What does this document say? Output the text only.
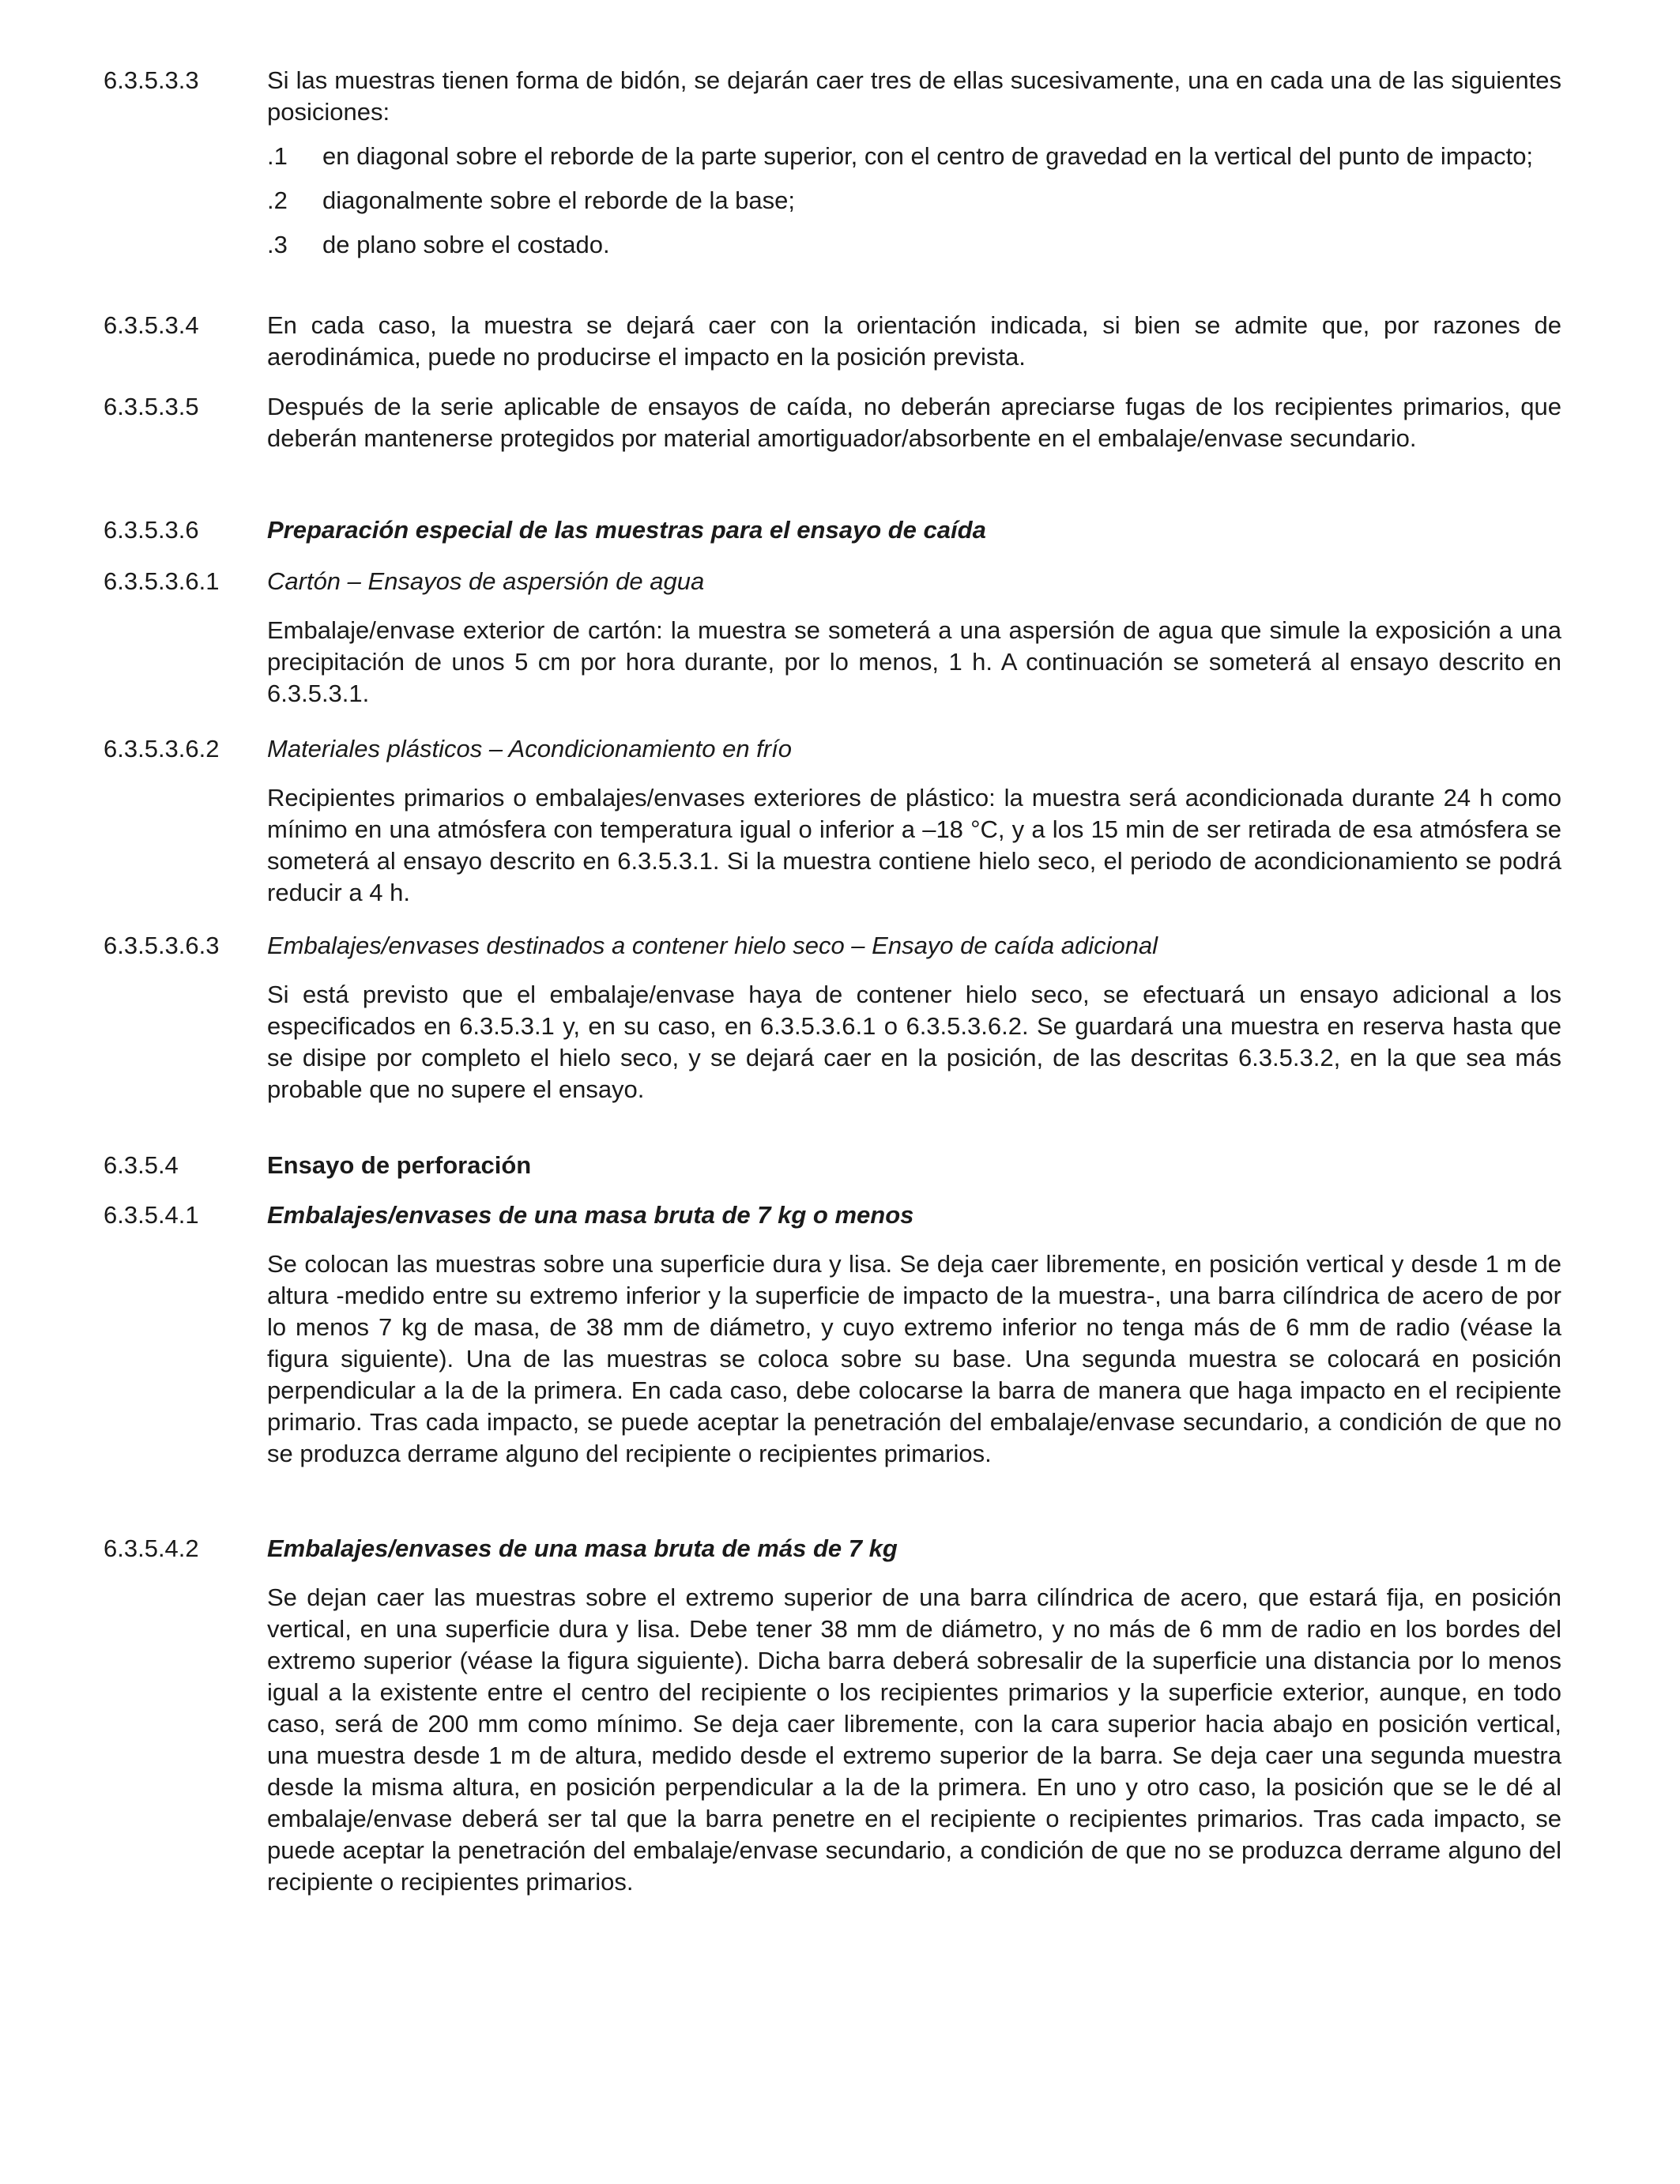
6.3.5.3.3	Si las muestras tienen forma de bidón, se dejarán caer tres de ellas sucesivamente, una en cada una de las siguientes posiciones:
.1 en diagonal sobre el reborde de la parte superior, con el centro de gravedad en la vertical del punto de impacto;
.2 diagonalmente sobre el reborde de la base;
.3 de plano sobre el costado.
6.3.5.3.4	En cada caso, la muestra se dejará caer con la orientación indicada, si bien se admite que, por razones de aerodinámica, puede no producirse el impacto en la posición prevista.
6.3.5.3.5	Después de la serie aplicable de ensayos de caída, no deberán apreciarse fugas de los recipientes primarios, que deberán mantenerse protegidos por material amortiguador/absorbente en el embalaje/envase secundario.
6.3.5.3.6	Preparación especial de las muestras para el ensayo de caída
6.3.5.3.6.1 Cartón – Ensayos de aspersión de agua
Embalaje/envase exterior de cartón: la muestra se someterá a una aspersión de agua que simule la exposición a una precipitación de unos 5 cm por hora durante, por lo menos, 1 h. A continuación se someterá al ensayo descrito en 6.3.5.3.1.
6.3.5.3.6.2 Materiales plásticos – Acondicionamiento en frío
Recipientes primarios o embalajes/envases exteriores de plástico: la muestra será acondicionada durante 24 h como mínimo en una atmósfera con temperatura igual o inferior a –18 °C, y a los 15 min de ser retirada de esa atmósfera se someterá al ensayo descrito en 6.3.5.3.1. Si la muestra contiene hielo seco, el periodo de acondicionamiento se podrá reducir a 4 h.
6.3.5.3.6.3 Embalajes/envases destinados a contener hielo seco – Ensayo de caída adicional
Si está previsto que el embalaje/envase haya de contener hielo seco, se efectuará un ensayo adicional a los especificados en 6.3.5.3.1 y, en su caso, en 6.3.5.3.6.1 o 6.3.5.3.6.2. Se guardará una muestra en reserva hasta que se disipe por completo el hielo seco, y se dejará caer en la posición, de las descritas 6.3.5.3.2, en la que sea más probable que no supere el ensayo.
6.3.5.4	Ensayo de perforación
6.3.5.4.1	Embalajes/envases de una masa bruta de 7 kg o menos
Se colocan las muestras sobre una superficie dura y lisa. Se deja caer libremente, en posición vertical y desde 1 m de altura -medido entre su extremo inferior y la superficie de impacto de la muestra-, una barra cilíndrica de acero de por lo menos 7 kg de masa, de 38 mm de diámetro, y cuyo extremo inferior no tenga más de 6 mm de radio (véase la figura siguiente). Una de las muestras se coloca sobre su base. Una segunda muestra se colocará en posición perpendicular a la de la primera. En cada caso, debe colocarse la barra de manera que haga impacto en el recipiente primario. Tras cada impacto, se puede aceptar la penetración del embalaje/envase secundario, a condición de que no se produzca derrame alguno del recipiente o recipientes primarios.
6.3.5.4.2	Embalajes/envases de una masa bruta de más de 7 kg
Se dejan caer las muestras sobre el extremo superior de una barra cilíndrica de acero, que estará fija, en posición vertical, en una superficie dura y lisa. Debe tener 38 mm de diámetro, y no más de 6 mm de radio en los bordes del extremo superior (véase la figura siguiente). Dicha barra deberá sobresalir de la superficie una distancia por lo menos igual a la existente entre el centro del recipiente o los recipientes primarios y la superficie exterior, aunque, en todo caso, será de 200 mm como mínimo. Se deja caer libremente, con la cara superior hacia abajo en posición vertical, una muestra desde 1 m de altura, medido desde el extremo superior de la barra. Se deja caer una segunda muestra desde la misma altura, en posición perpendicular a la de la primera. En uno y otro caso, la posición que se le dé al embalaje/envase deberá ser tal que la barra penetre en el recipiente o recipientes primarios. Tras cada impacto, se puede aceptar la penetración del embalaje/envase secundario, a condición de que no se produzca derrame alguno del recipiente o recipientes primarios.
